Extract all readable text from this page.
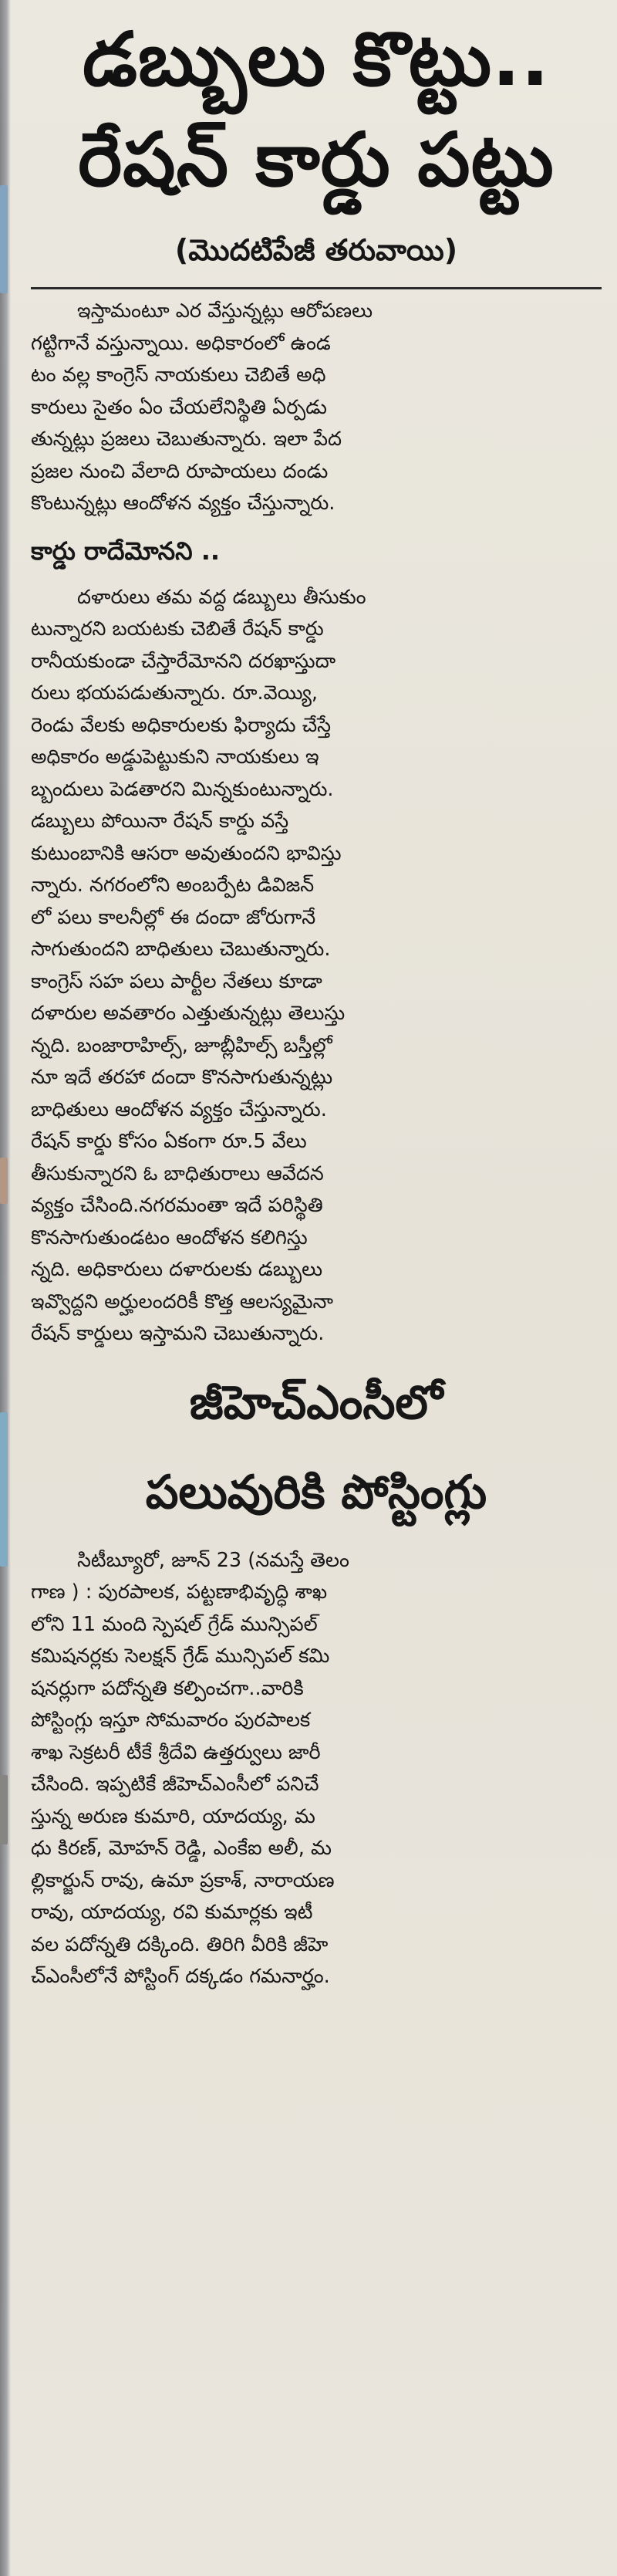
డబ్బులు కొట్టు..
రేషన్ కార్డు పట్టు
(మొదటిపేజీ తరువాయి)
ఇస్తామంటూ ఎర వేస్తున్నట్లు ఆరోపణలు
గట్టిగానే వస్తున్నాయి. అధికారంలో ఉండ
టం వల్ల కాంగ్రెస్ నాయకులు చెబితే అధి
కారులు సైతం ఏం చేయలేనిస్థితి ఏర్పడు
తున్నట్లు ప్రజలు చెబుతున్నారు. ఇలా పేద
ప్రజల నుంచి వేలాది రూపాయలు దండు
కొంటున్నట్లు ఆందోళన వ్యక్తం చేస్తున్నారు.
కార్డు రాదేమోనని ..
దళారులు తమ వద్ద డబ్బులు తీసుకుం
టున్నారని బయటకు చెబితే రేషన్ కార్డు
రానీయకుండా చేస్తారేమోనని దరఖాస్తుదా
రులు భయపడుతున్నారు. రూ.వెయ్యి,
రెండు వేలకు అధికారులకు ఫిర్యాదు చేస్తే
అధికారం అడ్డుపెట్టుకుని నాయకులు ఇ
బ్బందులు పెడతారని మిన్నకుంటున్నారు.
డబ్బులు పోయినా రేషన్ కార్డు వస్తే
కుటుంబానికి ఆసరా అవుతుందని భావిస్తు
న్నారు. నగరంలోని అంబర్పేట డివిజన్
లో పలు కాలనీల్లో ఈ దందా జోరుగానే
సాగుతుందని బాధితులు చెబుతున్నారు.
కాంగ్రెస్ సహ పలు పార్టీల నేతలు కూడా
దళారుల అవతారం ఎత్తుతున్నట్లు తెలుస్తు
న్నది. బంజారాహిల్స్, జూబ్లీహిల్స్ బస్తీల్లో
నూ ఇదే తరహా దందా కొనసాగుతున్నట్లు
బాధితులు ఆందోళన వ్యక్తం చేస్తున్నారు.
రేషన్ కార్డు కోసం ఏకంగా రూ.5 వేలు
తీసుకున్నారని ఓ బాధితురాలు ఆవేదన
వ్యక్తం చేసింది.నగరమంతా ఇదే పరిస్థితి
కొనసాగుతుండటం ఆందోళన కలిగిస్తు
న్నది. అధికారులు దళారులకు డబ్బులు
ఇవ్వొద్దని అర్హులందరికీ కొత్త ఆలస్యమైనా
రేషన్ కార్డులు ఇస్తామని చెబుతున్నారు.
జీహెచ్ఎంసీలో
పలువురికి పోస్టింగ్లు
సిటీబ్యూరో, జూన్ 23 (నమస్తే తెలం
గాణ ) : పురపాలక, పట్టణాభివృద్ధి శాఖ
లోని 11 మంది స్పెషల్ గ్రేడ్ మున్సిపల్
కమిషనర్లకు సెలక్షన్ గ్రేడ్ మున్సిపల్ కమి
షనర్లుగా పదోన్నతి కల్పించగా..వారికి
పోస్టింగ్లు ఇస్తూ సోమవారం పురపాలక
శాఖ సెక్రటరీ టీకే శ్రీదేవి ఉత్తర్వులు జారీ
చేసింది. ఇప్పటికే జీహెచ్ఎంసీలో పనిచే
స్తున్న అరుణ కుమారి, యాదయ్య, మ
ధు కిరణ్, మోహన్ రెడ్డి, ఎంకేఐ అలీ, మ
ల్లికార్జున్ రావు, ఉమా ప్రకాశ్, నారాయణ
రావు, యాదయ్య, రవి కుమార్లకు ఇటీ
వల పదోన్నతి దక్కింది. తిరిగి వీరికి జీహె
చ్ఎంసీలోనే పోస్టింగ్ దక్కడం గమనార్హం.
